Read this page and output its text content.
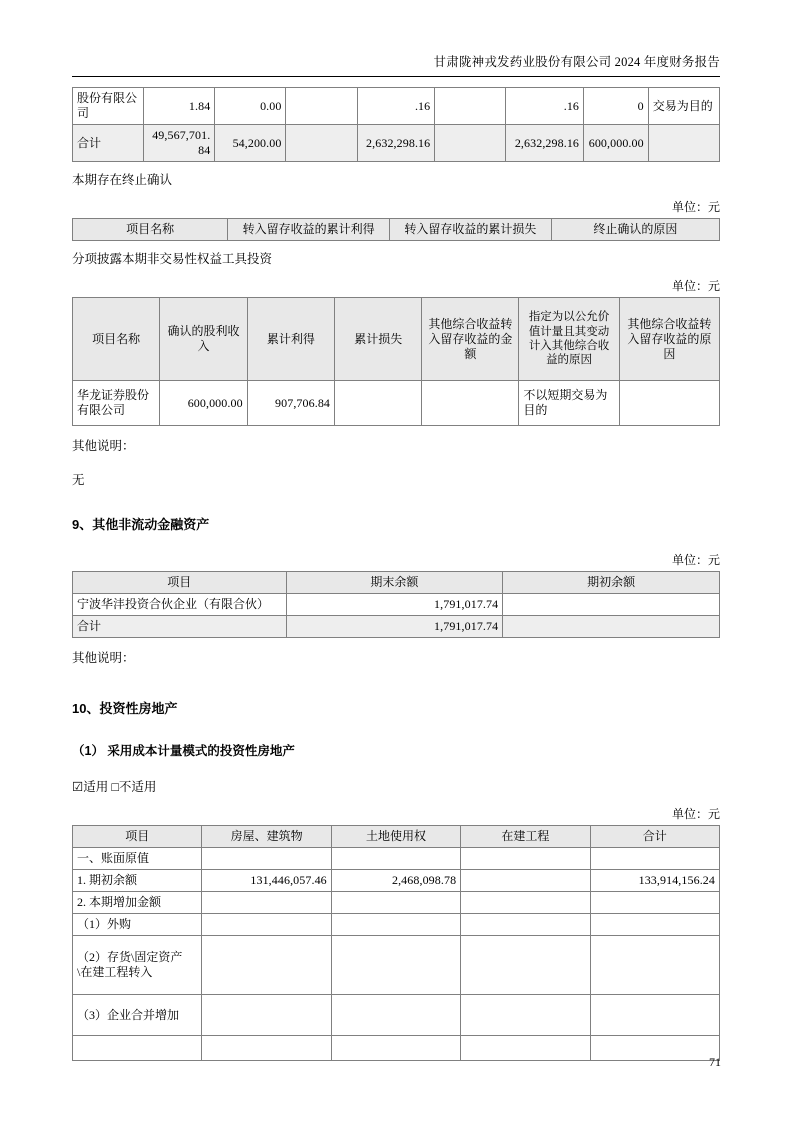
甘肃陇神戎发药业股份有限公司 2024 年度财务报告
股份有限公司	1.84	0.00		.16		.16	0	交易为目的
合计	49,567,701.84	54,200.00		2,632,298.16		2,632,298.16	600,000.00	
本期存在终止确认
单位：元
项目名称	转入留存收益的累计利得	转入留存收益的累计损失	终止确认的原因
分项披露本期非交易性权益工具投资
单位：元
项目名称	确认的股利收入	累计利得	累计损失	其他综合收益转入留存收益的金额	指定为以公允价值计量且其变动计入其他综合收益的原因	其他综合收益转入留存收益的原因
华龙证券股份有限公司	600,000.00	907,706.84			不以短期交易为目的	
其他说明：
无
9、其他非流动金融资产
单位：元
项目	期末余额	期初余额
宁波华沣投资合伙企业（有限合伙）	1,791,017.74	
合计	1,791,017.74	
其他说明：
10、投资性房地产
（1） 采用成本计量模式的投资性房地产
☑适用 □不适用
单位：元
项目	房屋、建筑物	土地使用权	在建工程	合计
一、账面原值				
1. 期初余额	131,446,057.46	2,468,098.78		133,914,156.24
2. 本期增加金额				
（1）外购				
（2）存货\固定资产\在建工程转入				
（3）企业合并增加				

71
